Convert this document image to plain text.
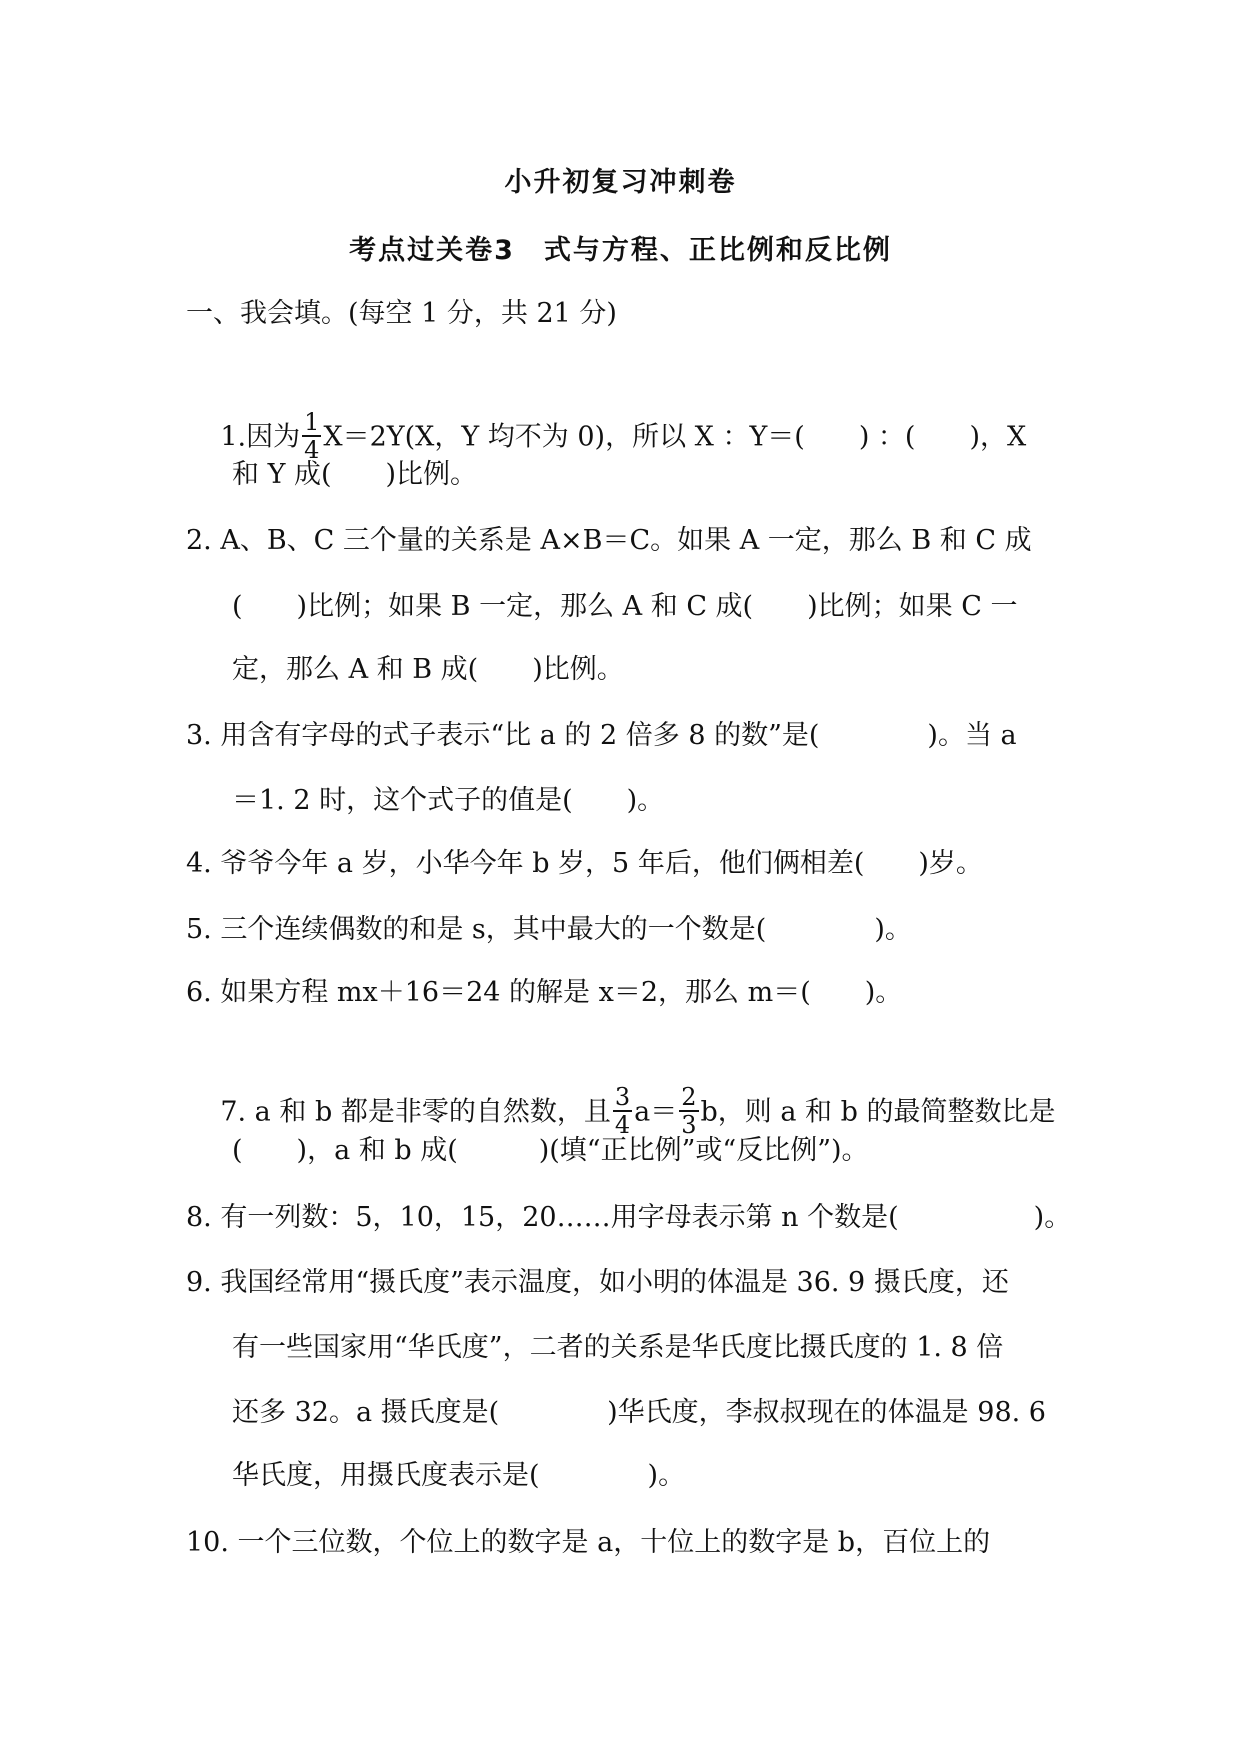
小升初复习冲刺卷
考点过关卷3　式与方程、正比例和反比例
一、我会填。(每空 1 分，共 21 分)

1.因为 $\frac{1}{4} X=2Y(X$，Y 均不为 0)，所以 X ：Y＝(　　) ：(　　)，X

和 Y 成(　　)比例。
2. A、B、C 三个量的关系是 A×B＝C。如果 A 一定，那么 B 和 C 成
(　　)比例；如果 B 一定，那么 A 和 C 成(　　)比例；如果 C 一
定，那么 A 和 B 成(　　)比例。
3. 用含有字母的式子表示“比 a 的 2 倍多 8 的数”是(　　　　)。当 a
＝1. 2 时，这个式子的值是(　　)。
4. 爷爷今年 a 岁，小华今年 b 岁，5 年后，他们俩相差(　　)岁。
5. 三个连续偶数的和是 s，其中最大的一个数是(　　　　)。
6. 如果方程 mx＋16＝24 的解是 x＝2，那么 m＝(　　)。

7. a 和 b 都是非零的自然数，且 $\frac{3}{4} a= \frac{2}{3}$ b，则 a 和 b 的最简整数比是

(　　)，a 和 b 成(　　　)(填“正比例”或“反比例”)。
8. 有一列数：5，10，15，20……用字母表示第 n 个数是(　　　　　)。
9. 我国经常用“摄氏度”表示温度，如小明的体温是 36. 9 摄氏度，还
有一些国家用“华氏度”，二者的关系是华氏度比摄氏度的 1. 8 倍
还多 32。a 摄氏度是(　　　　)华氏度，李叔叔现在的体温是 98. 6
华氏度，用摄氏度表示是(　　　　)。
10. 一个三位数，个位上的数字是 a，十位上的数字是 b，百位上的
